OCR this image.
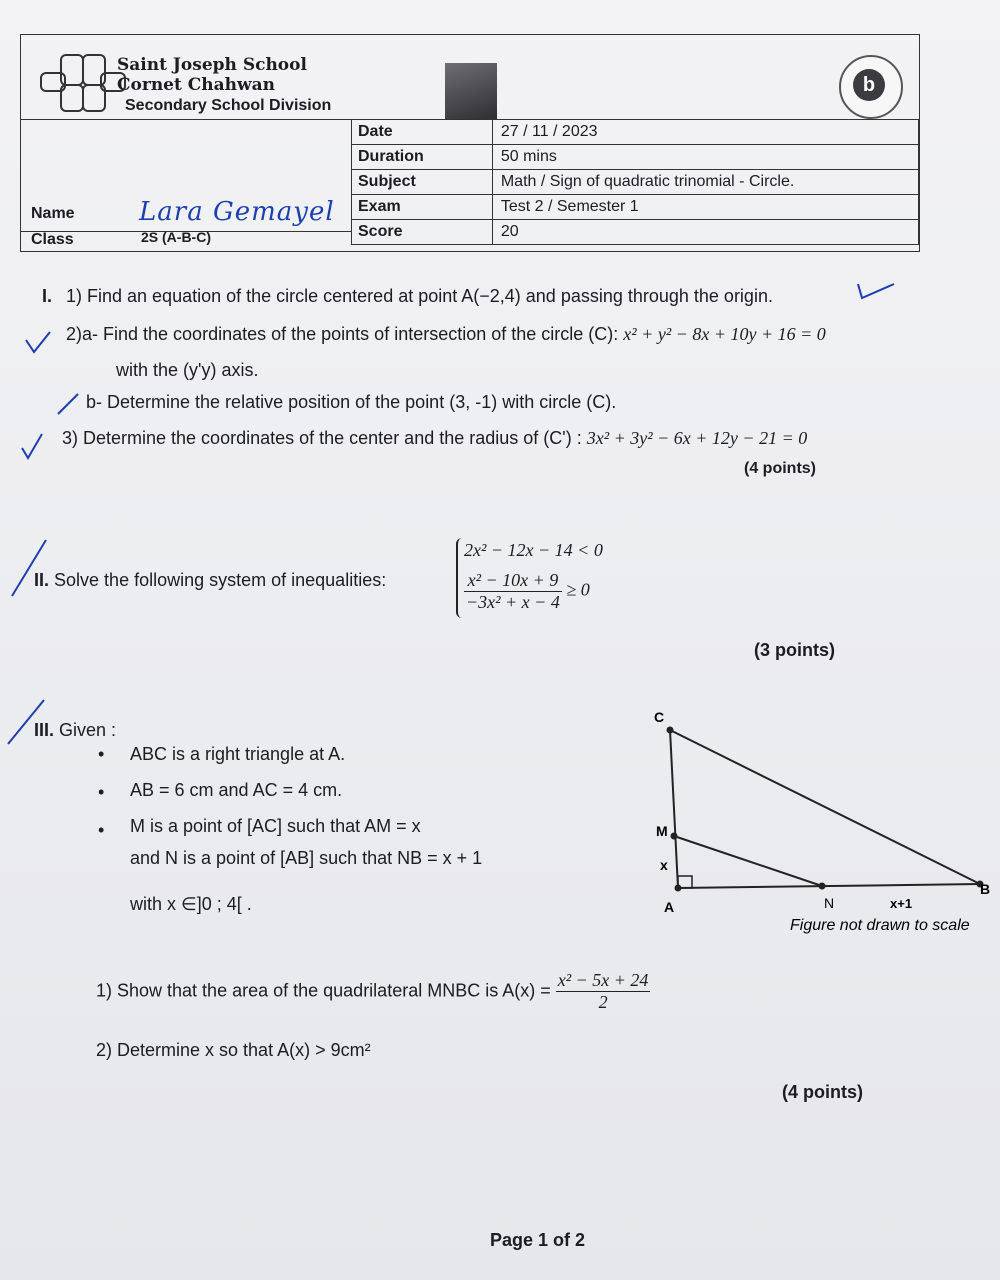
Saint Joseph School
Cornet Chahwan
Secondary School Division
b
Name Lara Gemayel
Class	2S (A-B-C)
Date	27 / 11 / 2023
Duration	50 mins
Subject	Math / Sign of quadratic trinomial - Circle.
Exam	Test 2 / Semester 1
Score	20
I. 1) Find an equation of the circle centered at point A(−2,4) and passing through the origin.
2)a- Find the coordinates of the points of intersection of the circle (C): x² + y² − 8x + 10y + 16 = 0
with the (y'y) axis.
b- Determine the relative position of the point (3, -1) with circle (C).
3) Determine the coordinates of the center and the radius of (C') : 3x² + 3y² − 6x + 12y − 21 = 0
(4 points)
II. Solve the following system of inequalities:
2x² − 12x − 14 < 0
$\frac{\text{x² − 10x + 9}}{\text{−3x² + x − 4}} \ge 0$
(3 points)
III. Given :
• ABC is a right triangle at A.
• AB = 6 cm and AC = 4 cm.
• M is a point of [AC] such that AM = x
and N is a point of [AB] such that NB = x + 1
with x ∈]0 ; 4[ .
C
M
x
A	N	x+1
B
Figure not drawn to scale
1) Show that the area of the quadrilateral MNBC is $A(x) = \frac{\text{x² − 5x + 24}}{2}$
2) Determine x so that A(x) > 9cm²
(4 points)
Page 1 of 2
